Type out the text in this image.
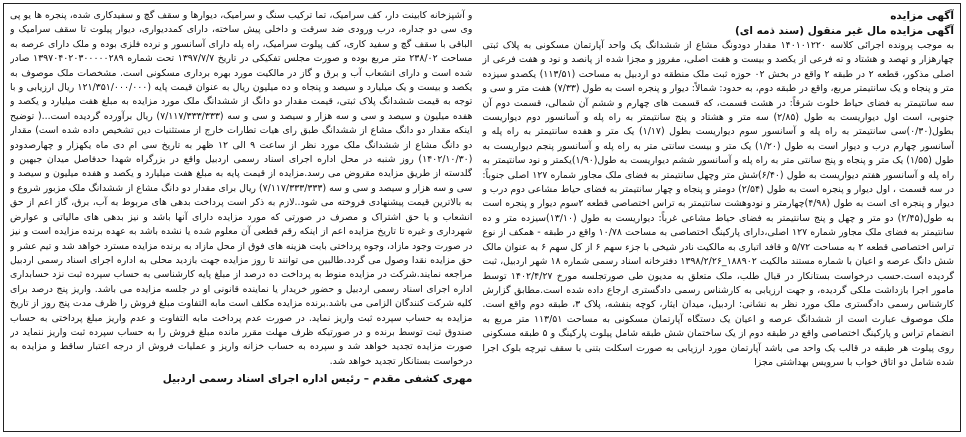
آگهی مزایده
آگهی مزایده مال غیر منقول (سند ذمه ای)
به موجب پرونده اجرائی کلاسه ۱۴۰۱۰۱۲۲۰ مقدار دودونگ مشاع از ششدانگ یک واحد آپارتمان مسکونی به پلاک ثبتی چهارهزار و تهصد و هشتاد و ته فرعی از یکصد و بیست و هفت اصلی، مفروز و مجزا شده از پانصد و نود و هفت فرعی از اصلی مذکور، قطعه ۲ در طبقه ۲ واقع در بخش ۰۲ حوزه ثبت ملک منطقه دو اردبیل به مساحت (۱۱۳/۵۱) یکصدو سیزده متر و پنجاه و یک سانتیمتر مربع، واقع در طبقه دوم، به حدود: شمالاً: دیوار و پنجره است به طول (۷/۳۳) هفت متر و سی و سه سانتیمتر به فضای حیاط خلوت شرقاً: در هشت قسمت، که قسمت های چهارم و ششم آن شمالی، قسمت دوم آن جنوبی، است اول دیواریست به طول (۲/۸۵) سه متر و هشتاد و پنج سانتیمتر به راه پله و آسانسور دوم دیواریست بطول(۰/۳۰)سی سانتیمتر به راه پله و آسانسور سوم دیواریست بطول (۱/۱۷) یک متر و هفده سانتیمتر به راه پله و آسانسور چهارم درب و دیوار است به طول (۱/۲۰) یک متر و بیست سانتی متر به راه پله و آسانسور پنجم دیواریست به طول (۱/۵۵) یک متر و پنجاه و پنج سانتی متر به راه پله و آسانسور ششم دیواریست به طول(۱/۹۰)یکمتر و نود سانتیمتر به راه پله و آسانسور هفتم دیواریست به طول (۶/۴۰)شش متر وچهل سانتیمتر به فضای ملک مجاور شماره ۱۲۷ اصلی جنوباً: در سه قسمت ، اول دیوار و پنجره است به طول (۲/۵۴) دومتر و پنجاه و چهار سانتیمتر به فضای حیاط مشاعی دوم درب و دیوار و پنجره ای است به طول (۴/۹۸)چهارمتر و نودوهشت سانتیمتر به تراس اختصاصی قطعه ۲سوم دیوار و پنجره است به طول(۲/۴۵) دو متر و چهل و پنج سانتیمتر به فضای حیاط مشاعی غرباً: دیواریست به طول (۱۳/۱۰)سیزده متر و ده سانتیمتر به فضای ملک مجاور شماره ۱۲۷ اصلی،دارای پارکینگ اختصاصی به مساحت ۱۰/۷۸ واقع در طبقه - همکف از نوع تراس اختصاصی قطعه ۲ به مساحت ۵/۷۲ و قافد اتباری به مالکیت نادر شیخی با جزء سهم ۶ از کل سهم ۶ به عنوان مالک شش دانگ عرصه و اعیان با شماره مستند مالکیت ۱۸۸۹۰۲_۱۳۹۸/۲/۲۶ دفترخانه اسناد رسمی شماره ۱۸ شهر اردبیل، ثبت گردیده است.حسب درخواست بستانکار در قبال طلب، ملک متعلق به مدیون طی صورتجلسه مورخ ۱۴۰۲/۴/۲۷ توسط مامور اجرا بازداشت ملکی گردیده، و جهت ارزیابی به کارشناس رسمی دادگستری ارجاع داده شده است.مطابق گزارش کارشناس رسمی دادگستری ملک مورد نظر به نشانی: اردبیل، میدان ایثار، کوچه بنفشه، پلاک ۳، طبقه دوم واقع است. ملک موصوف عبارت است از ششدانگ عرصه و اعیان یک دستگاه آپارتمان مسکونی به مساحت ۱۱۳/۵۱ متر مربع به انضمام تراس و پارکینگ اختصاصی واقع در طبقه دوم از یک ساختمان شش طبقه شامل پیلوت پارکینگ و ۵ طبقه مسکونی روی پیلوت هر طبقه در قالب یک واحد می باشد آپارتمان مورد ارزیابی به صورت اسکلت بتنی با سقف تیرچه بلوک اجرا شده شامل دو اتاق خواب با سرویس بهداشتی مجزا
و آشپزخانه کابینت دار، کف سرامیک، تما ترکیب سنگ و سرامیک، دیوارها و سقف گچ و سفیدکاری شده، پنجره ها یو پی وی سی دو جداره، درب ورودی ضد سرقت و داخلی پیش ساخته، دارای کمددیواری، دیوار پیلوت تا سقف سرامیک و الباقی با سقف گچ و سفید کاری، کف پیلوت سرامیک، راه پله دارای آسانسور و نرده فلزی بوده و ملک دارای عرصه به مساحت ۲۳۸/۰۲ متر مربع بوده و صورت مجلس تفکیکی در تاریخ ۱۳۹۷/۷/۷ تحت شماره ۱۳۹۷۰۴۰۲۰۳۰۰۰۰۰۲۸۹ صادر شده است و دارای انشعاب آب و برق و گاز در مالکیت مورد بهره برداری مسکونی است. مشخصات ملک موصوف به یکصد و بیست و یک میلیارد و سیصد و پنجاه و ده میلیون ریال به عنوان قیمت پایه (۱۲۱/۳۵۱/۰۰۰/۰۰۰ ریال ارزیابی و با توجه به قیمت ششدانگ پلاک ثبتی، قیمت مقدار دو دانگ از ششدانگ ملک مورد مزایده به مبلغ هفت میلیارد و یکصد و هفده میلیون و سیصد و سی و سه هزار و سیصد و سی و سه (۷/۱۱۷/۳۳۳/۳۳۳) ریال برآورده گردیده است...( توضیح اینکه مقدار دو دانگ مشاع از ششدانگ طبق رای هیات تطارات خارج از مستثنیات دین تشخیص داده شده است) مقدار دو دانگ مشاع از ششدانگ ملک مورد نظر از ساعت ۹ الی ۱۲ ظهر به تاریخ سی ام دی ماه یکهزار و چهارصدودو (۱۴۰۲/۱۰/۳۰) روز شنبه در محل اداره اجرای اسناد رسمی اردبیل واقع در بزرگراه شهدا حدفاصل میدان جبهین و گلدسته از طریق مزایده مقروض می رسد.مزایده از قیمت پایه به مبلغ هفت میلیارد و یکصد و هفده میلیون و سیصد و سی و سه هزار و سیصد و سی و سه (۷/۱۱۷/۳۳۳/۳۳۳) ریال برای مقدار دو دانگ مشاع از ششدانگ ملک مزبور شروع و به بالاترین قیمت پیشنهادی فروخته می شود..لازم به ذکر است پرداخت بدهی های مربوط به آب، برق، گاز اعم از حق انشعاب و یا حق اشتراک و مصرف در صورتی که مورد مزایده دارای آنها باشد و نیز بدهی های مالیاتی و عوارض شهرداری و غیره تا تاریخ مزایده اعم از اینکه رقم قطعی آن معلوم شده یا نشده باشد به عهده برنده مزایده است و نیز در صورت وجود مازاد، وجوه پرداختی بابت هزینه های فوق از محل مازاد به برنده مزایده مسترد خواهد شد و تیم عشر و حق مزایده نقدا وصول می گردد.طالبین می توانند تا روز مزایده جهت بازدید محلی به اداره اجرای اسناد رسمی اردبیل مراجعه نمایند.شرکت در مزایده منوط به پرداخت ده درصد از مبلغ پایه کارشناسی به حساب سپرده ثبت نزد حسابداری اداره اجرای اسناد رسمی اردبیل و حضور خریدار یا نماینده قانونی او در جلسه مزایده می باشد. واریز پنج درصد برای کلیه شرکت کنندگان الزامی می باشد.برنده مزایده مکلف است مابه التفاوت مبلغ فروش را ظرف مدت پنج روز از تاریخ مزایده به حساب سپرده ثبت واریز نماید. در صورت عدم پرداخت مابه التفاوت و عدم واریز مبلغ پرداختی به حساب صندوق ثبت توسط برنده و در صورتیکه ظرف مهلت مقرر مانده مبلغ فروش را به حساب سپرده ثبت واریز ننماید در صورت مزایده تجدید خواهد شد و سپرده به حساب خزانه واریز و عملیات فروش از درجه اعتبار ساقط و مزایده به درخواست بستانکار تجدید خواهد شد.
مهری کشفی مقدم – رئیس اداره اجرای اسناد رسمی اردبیل
